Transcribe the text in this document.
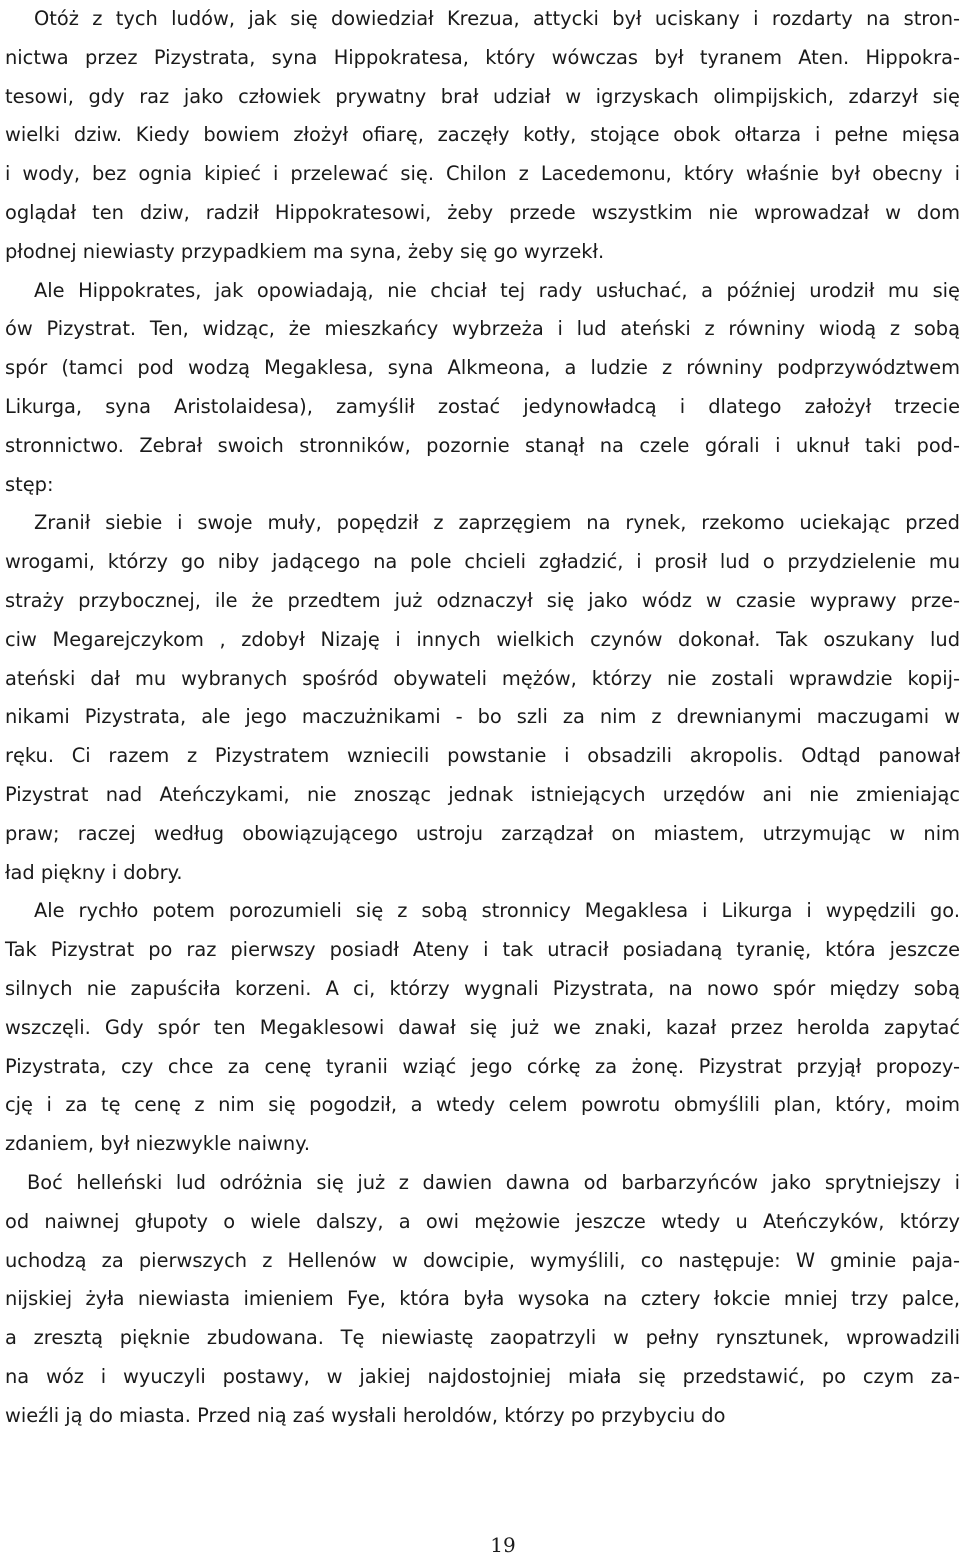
Otóż z tych ludów, jak się dowiedział Krezua, attycki był uciskany i rozdarty na stron-
nictwa przez Pizystrata, syna Hippokratesa, który wówczas był tyranem Aten. Hippokra-
tesowi, gdy raz jako człowiek prywatny brał udział w igrzyskach olimpijskich, zdarzył się
wielki dziw. Kiedy bowiem złożył ofiarę, zaczęły kotły, stojące obok ołtarza i pełne mięsa
i wody, bez ognia kipieć i przelewać się. Chilon z Lacedemonu, który właśnie był obecny i
oglądał ten dziw, radził Hippokratesowi, żeby przede wszystkim nie wprowadzał w dom
płodnej niewiasty przypadkiem ma syna, żeby się go wyrzekł.
Ale Hippokrates, jak opowiadają, nie chciał tej rady usłuchać, a później urodził mu się
ów Pizystrat. Ten, widząc, że mieszkańcy wybrzeża i lud ateński z równiny wiodą z sobą
spór (tamci pod wodzą Megaklesa, syna Alkmeona, a ludzie z równiny podprzywództwem
Likurga, syna Aristolaidesa), zamyślił zostać jedynowładcą i dlatego założył trzecie
stronnictwo. Zebrał swoich stronników, pozornie stanął na czele górali i uknuł taki pod-
stęp:
Zranił siebie i swoje muły, popędził z zaprzęgiem na rynek, rzekomo uciekając przed
wrogami, którzy go niby jadącego na pole chcieli zgładzić, i prosił lud o przydzielenie mu
straży przybocznej, ile że przedtem już odznaczył się jako wódz w czasie wyprawy prze-
ciw Megarejczykom , zdobył Nizaję i innych wielkich czynów dokonał. Tak oszukany lud
ateński dał mu wybranych spośród obywateli mężów, którzy nie zostali wprawdzie kopij-
nikami Pizystrata, ale jego maczużnikami - bo szli za nim z drewnianymi maczugami w
ręku. Ci razem z Pizystratem wzniecili powstanie i obsadzili akropolis. Odtąd panował
Pizystrat nad Ateńczykami, nie znosząc jednak istniejących urzędów ani nie zmieniając
praw; raczej według obowiązującego ustroju zarządzał on miastem, utrzymując w nim
ład piękny i dobry.
Ale rychło potem porozumieli się z sobą stronnicy Megaklesa i Likurga i wypędzili go.
Tak Pizystrat po raz pierwszy posiadł Ateny i tak utracił posiadaną tyranię, która jeszcze
silnych nie zapuściła korzeni. A ci, którzy wygnali Pizystrata, na nowo spór między sobą
wszczęli. Gdy spór ten Megaklesowi dawał się już we znaki, kazał przez herolda zapytać
Pizystrata, czy chce za cenę tyranii wziąć jego córkę za żonę. Pizystrat przyjął propozy-
cję i za tę cenę z nim się pogodził, a wtedy celem powrotu obmyślili plan, który, moim
zdaniem, był niezwykle naiwny.
Boć helleński lud odróżnia się już z dawien dawna od barbarzyńców jako sprytniejszy i
od naiwnej głupoty o wiele dalszy, a owi mężowie jeszcze wtedy u Ateńczyków, którzy
uchodzą za pierwszych z Hellenów w dowcipie, wymyślili, co następuje: W gminie paja-
nijskiej żyła niewiasta imieniem Fye, która była wysoka na cztery łokcie mniej trzy palce,
a zresztą pięknie zbudowana. Tę niewiastę zaopatrzyli w pełny rynsztunek, wprowadzili
na wóz i wyuczyli postawy, w jakiej najdostojniej miała się przedstawić, po czym za-
wieźli ją do miasta. Przed nią zaś wysłali heroldów, którzy po przybyciu do
19
